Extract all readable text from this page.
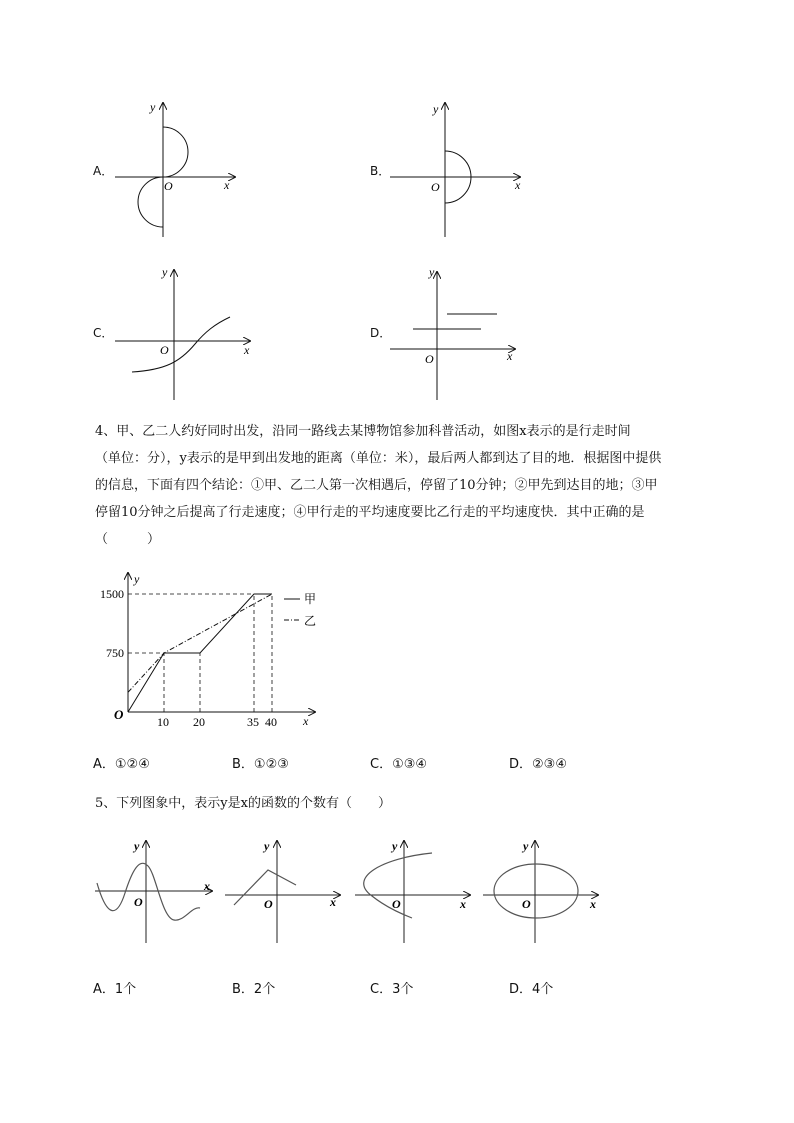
A．	B．
C．	D．
y
x
O
y
x
O
y
x
O
y
x
O
4、甲、乙二人约好同时出发，沿同一路线去某博物馆参加科普活动，如图x表示的是行走时间
（单位：分），y表示的是甲到出发地的距离（单位：米），最后两人都到达了目的地．根据图中提供
的信息，下面有四个结论：①甲、乙二人第一次相遇后，停留了10分钟；②甲先到达目的地；③甲
停留10分钟之后提高了行走速度；④甲行走的平均速度要比乙行走的平均速度快．其中正确的是
（　　　）
10 20	35 40
750
1500
y
x
O
甲
乙
A．①②④	B．①②③	C．①③④	D．②③④
5、下列图象中，表示y是x的函数的个数有（　　）
y
x
O
y
x
O
y
x
O
y
x
O
A．1个	B．2个	C．3个	D．4个
